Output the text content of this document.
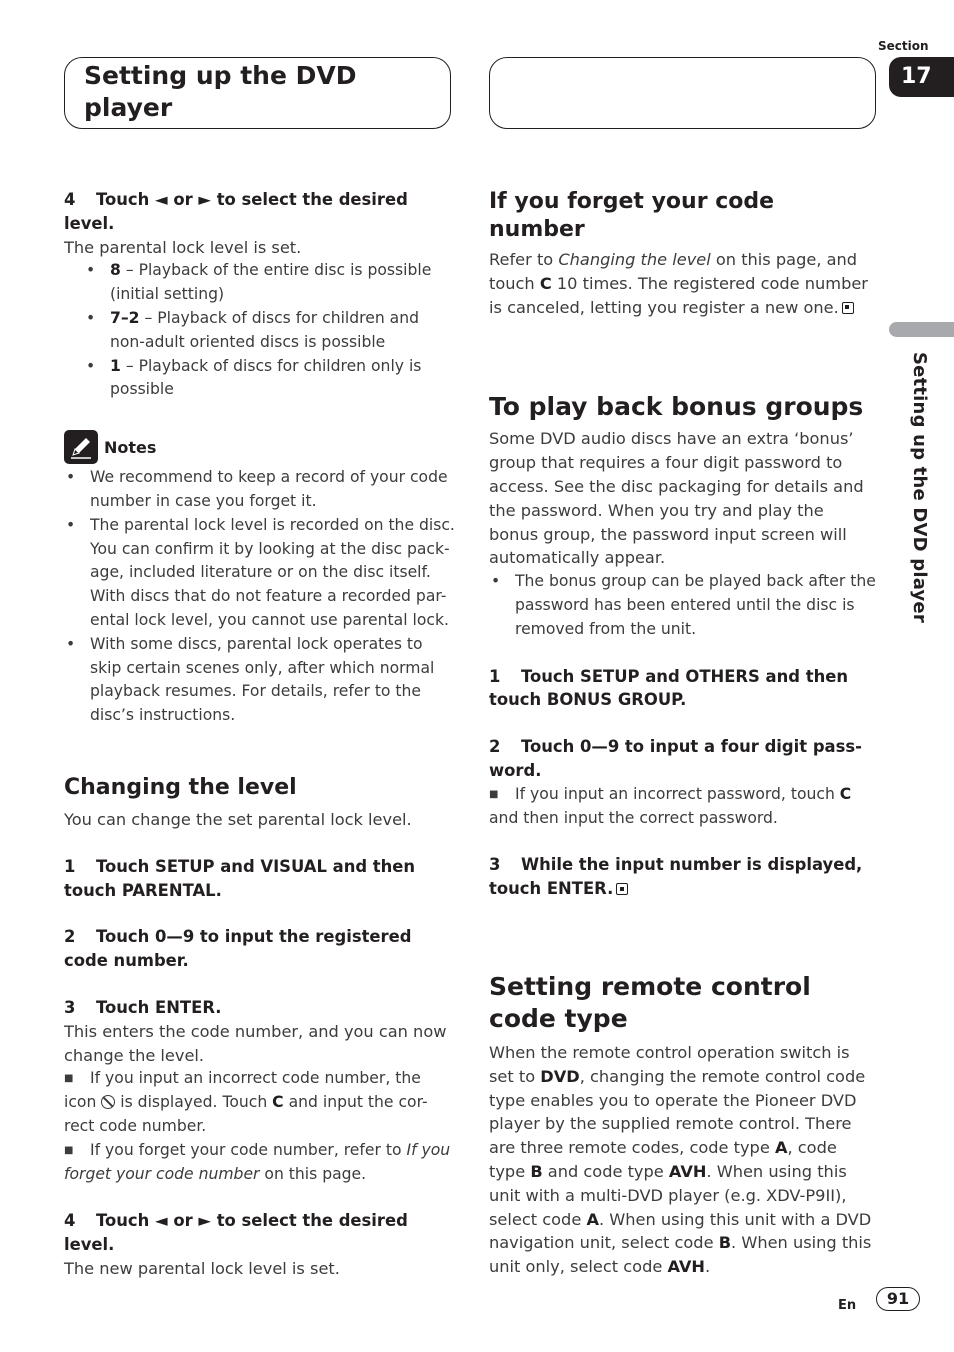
Setting up the DVD player
Section
17
Setting up the DVD player

4 Touch ◄ or ► to select the desired level.

The parental lock level is set.

• 8 – Playback of the entire disc is possible (initial setting)
• 7–2 – Playback of discs for children and non-adult oriented discs is possible
• 1 – Playback of discs for children only is possible
Notes
• We recommend to keep a record of your code number in case you forget it.
• The parental lock level is recorded on the disc. You can confirm it by looking at the disc pack-age, included literature or on the disc itself. With discs that do not feature a recorded par-ental lock level, you cannot use parental lock.
• With some discs, parental lock operates to skip certain scenes only, after which normal playback resumes. For details, refer to the disc’s instructions.

Changing the level

You can change the set parental lock level.

1 Touch SETUP and VISUAL and then touch PARENTAL.

2 Touch 0—9 to input the registered code number.

3 Touch ENTER.

This enters the code number, and you can now change the level.

■ If you input an incorrect code number, the icon  is displayed. Touch C and input the cor-rect code number.
■ If you forget your code number, refer to If you forget your code number on this page.

4 Touch ◄ or ► to select the desired level.

The new parental lock level is set.

If you forget your code number

Refer to Changing the level on this page, and touch C 10 times. The registered code number is canceled, letting you register a new one.

To play back bonus groups

Some DVD audio discs have an extra ‘bonus’ group that requires a four digit password to access. See the disc packaging for details and the password. When you try and play the bonus group, the password input screen will automatically appear.

• The bonus group can be played back after the password has been entered until the disc is removed from the unit.

1 Touch SETUP and OTHERS and then touch BONUS GROUP.

2 Touch 0—9 to input a four digit pass-word.

■ If you input an incorrect password, touch C and then input the correct password.

3 While the input number is displayed, touch ENTER.

Setting remote control code type

When the remote control operation switch is set to DVD, changing the remote control code type enables you to operate the Pioneer DVD player by the supplied remote control. There are three remote codes, code type A, code type B and code type AVH. When using this unit with a multi-DVD player (e.g. XDV-P9II), select code A. When using this unit with a DVD navigation unit, select code B. When using this unit only, select code AVH.

En	91
